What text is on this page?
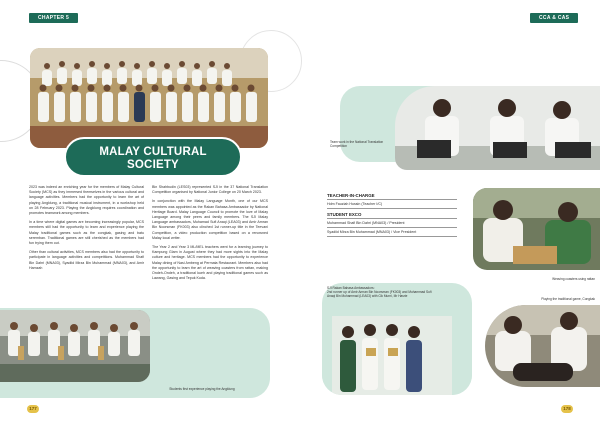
CHAPTER 5
MALAY CULTURAL
SOCIETY

2023 was indeed an enriching year for the members of Malay Cultural Society (MCS) as they immersed themselves in the various cultural and language activities. Members had the opportunity to learn the art of playing Angklung, a traditional musical instrument, in a workshop held on 28 February 2023. Playing the Angklung requires coordination and promotes teamwork among members.

In a time where digital games are becoming increasingly popular, MCS members still had the opportunity to learn and experience playing the Malay traditional games such as the congkak, gasing and batu seremban. Traditional games are still cherished as the members had fun trying them out.

Other than cultural activities, MCS members also had the opportunity to participate in language activities and competitions. Muhammad Shafi Bin Dahri (MNA03), Syadiid Mirza Bin Muhammad (MNA03), and Amir Hamzah

Bin Shahbudin (LES03) represented SJI in the 37 National Translation Competition organised by National Junior College on 20 March 2023.

In conjunction with the Malay Language Month, one of our MCS members was appointed as the Rakan Bahasa Ambassador by National Heritage Board. Malay Language Council to promote the love of Malay Language among their peers and family members. The SJI Malay Language ambassadors, Muhamad Sufi Anaqi (LEA03) and Amir Amran Bin Noorsman (FK003) also clinched 1st runner-up title in the Teevani Competition, a video production competition based on a renowned Malay local writer.

The Year 2 and Year 3 ML/MEL teachers went for a learning journey to Kampung Glam in August where they had more sights into the Malay culture and heritage. MCS members had the opportunity to experience Malay dining of Nasi Ambeng at Permata Restaurant. Members also had the opportunity to learn the art of weaving coasters from rattan, making Ondeh-Ondeh, a traditional kueh and playing traditional games such as Lawang, Gasing and Tepuk Kuda.

Students first experience playing the Angklung
177
CCA & CAS
Team work in the National Translation Competition
TEACHER-IN-CHARGE
Hdm Fauziah Hussin (Teacher I/C)
STUDENT EXCO
Muhammad Shafi Bin Dahri (MNA03) / President
Syadiid Mirza Bin Muhammad (MNA03) / Vice President
Weaving coasters using rattan
SJI Rakan Bahasa Ambassadors:
2nd runner up of Amir Amran Bin Noorsman (FK003) and Muhammad Sufi Anaqi Bin Muhammad (LEA03) with Cik Murni, Mr Hasrie
Playing the traditional game, Congkak
178
